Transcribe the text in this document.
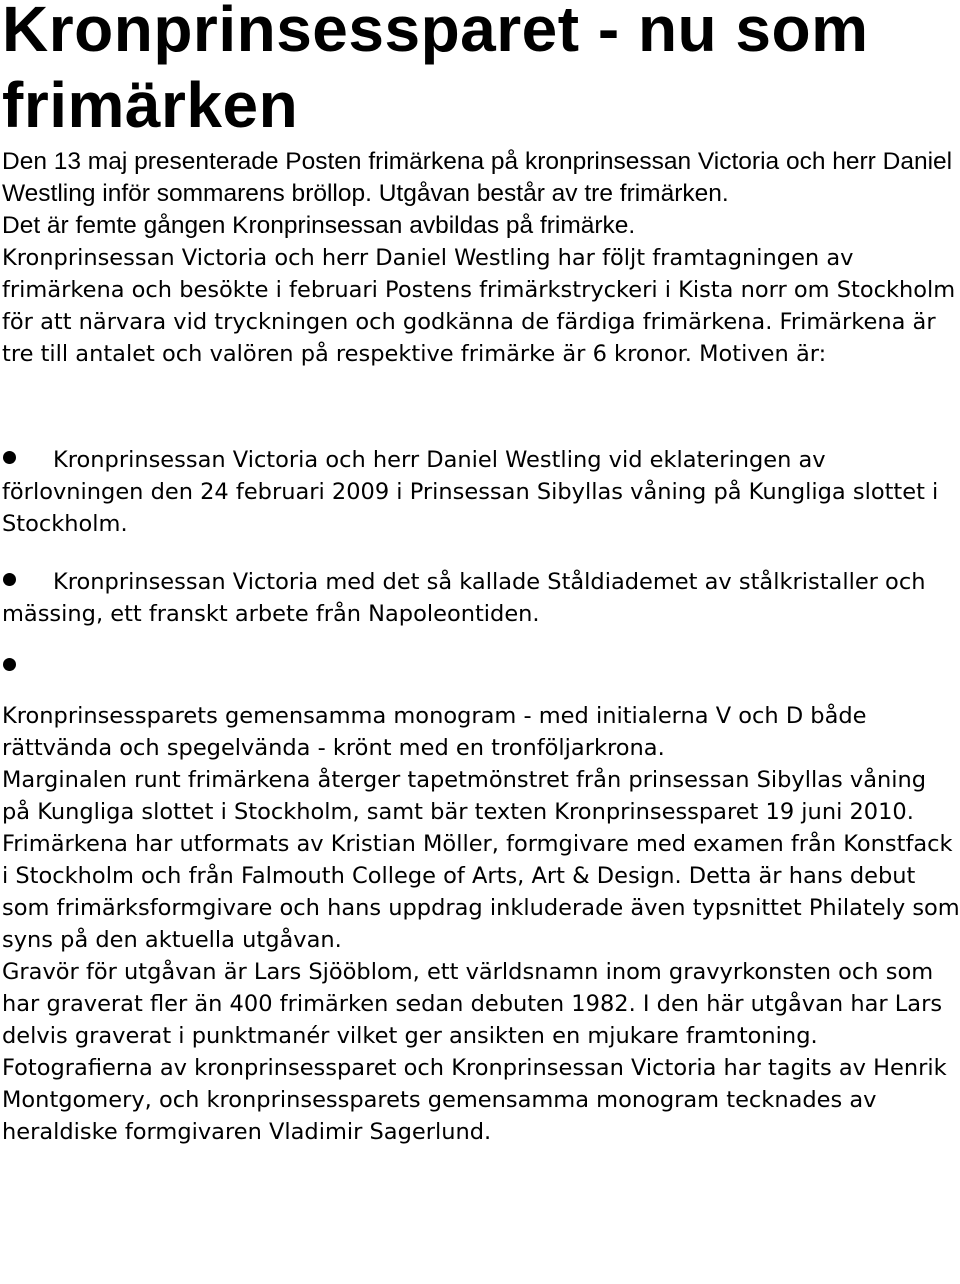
Kronprinsessparet - nu som frimärken

Den 13 maj presenterade Posten frimärkena på kronprinsessan Victoria och herr Daniel Westling inför sommarens bröllop. Utgåvan består av tre frimärken.

Det är femte gången Kronprinsessan avbildas på frimärke.

Kronprinsessan Victoria och herr Daniel Westling har följt framtagningen av frimärkena och besökte i februari Postens frimärkstryckeri i Kista norr om Stockholm för att närvara vid tryckningen och godkänna de färdiga frimärkena. Frimärkena är tre till antalet och valören på respektive frimärke är 6 kronor. Motiven är:

Kronprinsessan Victoria och herr Daniel Westling vid eklateringen av förlovningen den 24 februari 2009 i Prinsessan Sibyllas våning på Kungliga slottet i Stockholm.

Kronprinsessan Victoria med det så kallade Ståldiademet av stålkristaller och mässing, ett franskt arbete från Napoleontiden.

Kronprinsessparets gemensamma monogram - med initialerna V och D både rättvända och spegelvända - krönt med en tronföljarkrona.

Marginalen runt frimärkena återger tapetmönstret från prinsessan Sibyllas våning på Kungliga slottet i Stockholm, samt bär texten Kronprinsessparet 19 juni 2010.

Frimärkena har utformats av Kristian Möller, formgivare med examen från Konstfack i Stockholm och från Falmouth College of Arts, Art & Design. Detta är hans debut som frimärksformgivare och hans uppdrag inkluderade även typsnittet Philately som syns på den aktuella utgåvan.

Gravör för utgåvan är Lars Sjööblom, ett världsnamn inom gravyrkonsten och som har graverat fler än 400 frimärken sedan debuten 1982. I den här utgåvan har Lars delvis graverat i punktmanér vilket ger ansikten en mjukare framtoning.

Fotografierna av kronprinsessparet och Kronprinsessan Victoria har tagits av Henrik Montgomery, och kronprinsessparets gemensamma monogram tecknades av heraldiske formgivaren Vladimir Sagerlund.
